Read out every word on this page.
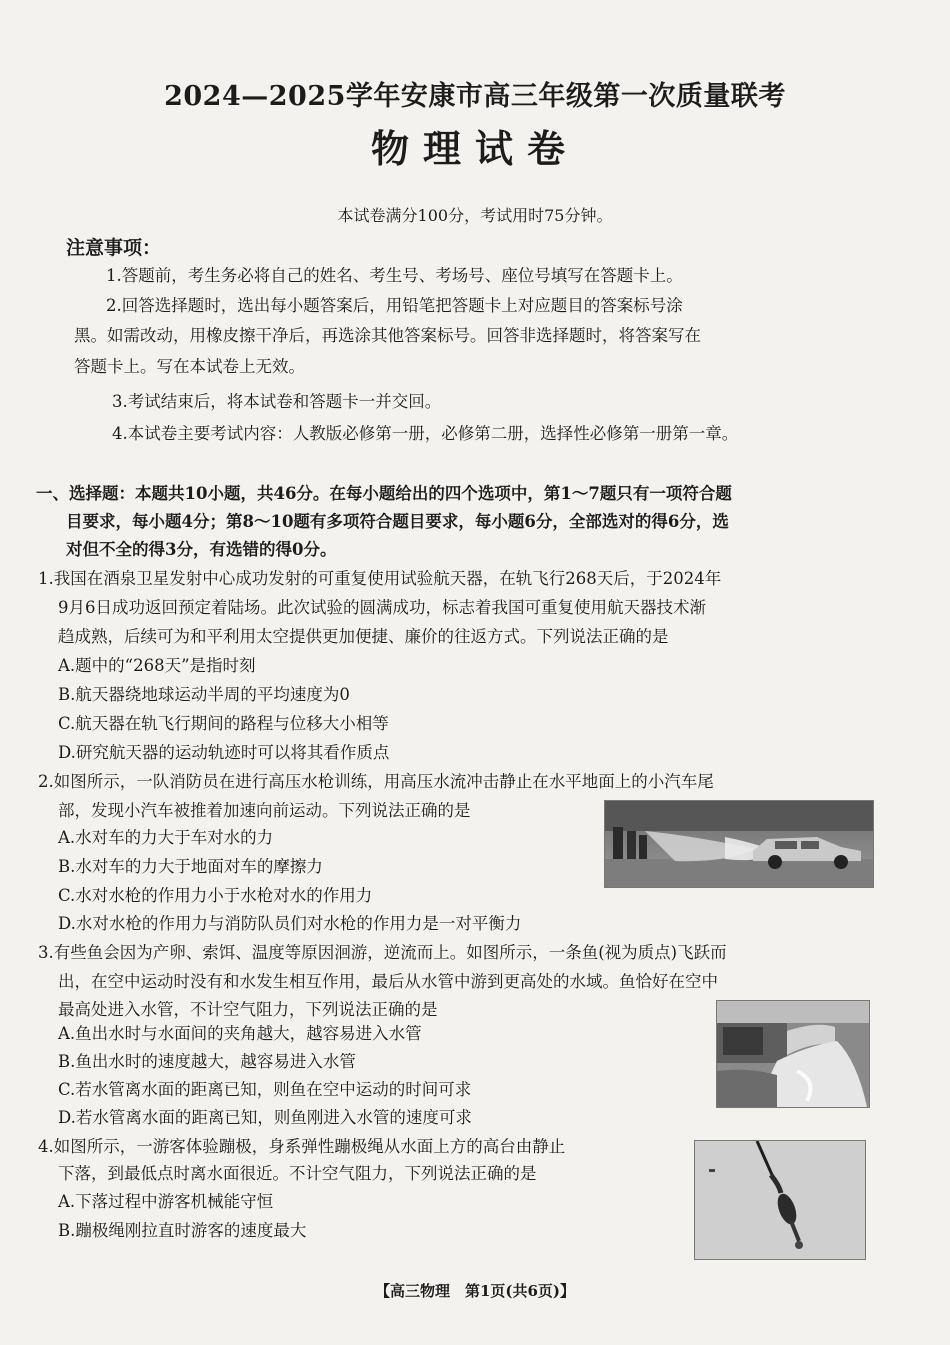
2024—2025学年安康市高三年级第一次质量联考
物理试卷
本试卷满分100分，考试用时75分钟。
注意事项：
1.答题前，考生务必将自己的姓名、考生号、考场号、座位号填写在答题卡上。
2.回答选择题时，选出每小题答案后，用铅笔把答题卡上对应题目的答案标号涂
黑。如需改动，用橡皮擦干净后，再选涂其他答案标号。回答非选择题时，将答案写在
答题卡上。写在本试卷上无效。
3.考试结束后，将本试卷和答题卡一并交回。
4.本试卷主要考试内容：人教版必修第一册，必修第二册，选择性必修第一册第一章。
一、选择题：本题共10小题，共46分。在每小题给出的四个选项中，第1～7题只有一项符合题
目要求，每小题4分；第8～10题有多项符合题目要求，每小题6分，全部选对的得6分，选
对但不全的得3分，有选错的得0分。
1.我国在酒泉卫星发射中心成功发射的可重复使用试验航天器，在轨飞行268天后，于2024年
9月6日成功返回预定着陆场。此次试验的圆满成功，标志着我国可重复使用航天器技术渐
趋成熟，后续可为和平利用太空提供更加便捷、廉价的往返方式。下列说法正确的是
A.题中的“268天”是指时刻
B.航天器绕地球运动半周的平均速度为0
C.航天器在轨飞行期间的路程与位移大小相等
D.研究航天器的运动轨迹时可以将其看作质点
2.如图所示，一队消防员在进行高压水枪训练，用高压水流冲击静止在水平地面上的小汽车尾
部，发现小汽车被推着加速向前运动。下列说法正确的是
A.水对车的力大于车对水的力
B.水对车的力大于地面对车的摩擦力
C.水对水枪的作用力小于水枪对水的作用力
D.水对水枪的作用力与消防队员们对水枪的作用力是一对平衡力
3.有些鱼会因为产卵、索饵、温度等原因洄游，逆流而上。如图所示，一条鱼(视为质点)飞跃而
出，在空中运动时没有和水发生相互作用，最后从水管中游到更高处的水域。鱼恰好在空中
最高处进入水管，不计空气阻力，下列说法正确的是
A.鱼出水时与水面间的夹角越大，越容易进入水管
B.鱼出水时的速度越大，越容易进入水管
C.若水管离水面的距离已知，则鱼在空中运动的时间可求
D.若水管离水面的距离已知，则鱼刚进入水管的速度可求
4.如图所示，一游客体验蹦极，身系弹性蹦极绳从水面上方的高台由静止
下落，到最低点时离水面很近。不计空气阻力，下列说法正确的是
A.下落过程中游客机械能守恒
B.蹦极绳刚拉直时游客的速度最大
【高三物理　第1页(共6页)】
